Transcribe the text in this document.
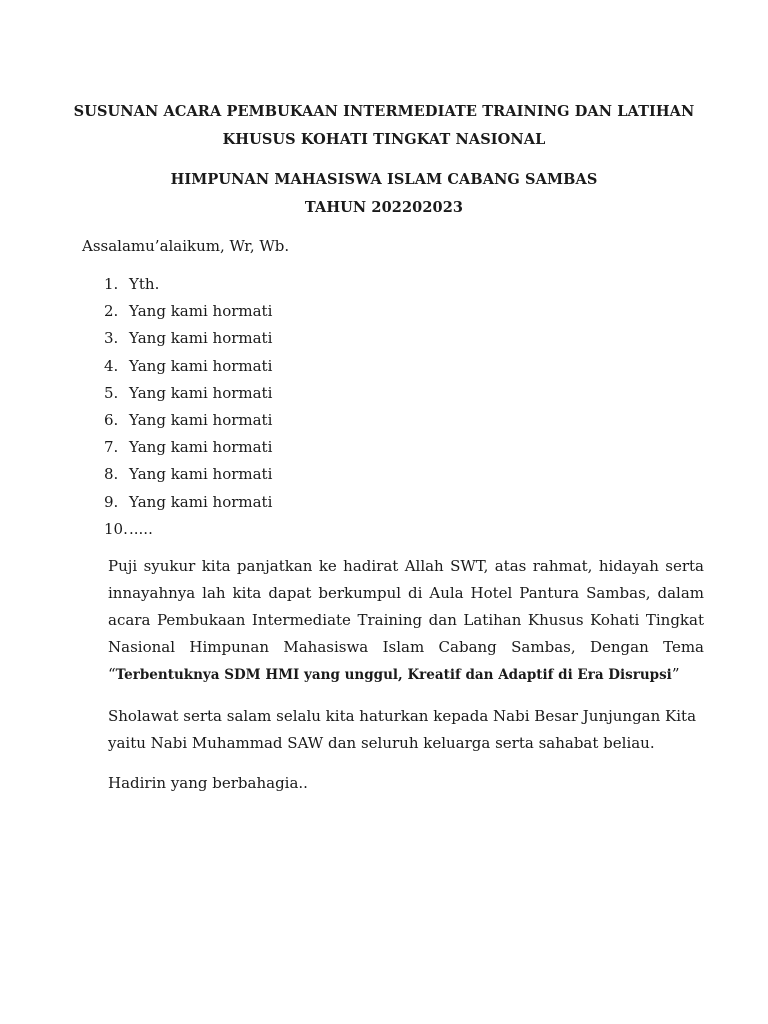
SUSUNAN ACARA PEMBUKAAN INTERMEDIATE TRAINING DAN LATIHAN
KHUSUS KOHATI TINGKAT NASIONAL
HIMPUNAN MAHASISWA ISLAM CABANG SAMBAS
TAHUN 202202023
Assalamu’alaikum, Wr, Wb.
1. Yth.
2. Yang kami hormati
3. Yang kami hormati
4. Yang kami hormati
5. Yang kami hormati
6. Yang kami hormati
7. Yang kami hormati
8. Yang kami hormati
9. Yang kami hormati
10......

Puji syukur kita panjatkan ke hadirat Allah SWT, atas rahmat, hidayah serta innayahnya lah kita dapat berkumpul di Aula Hotel Pantura Sambas, dalam acara Pembukaan Intermediate Training dan Latihan Khusus Kohati Tingkat Nasional Himpunan Mahasiswa Islam Cabang Sambas, Dengan Tema “Terbentuknya SDM HMI yang unggul, Kreatif dan Adaptif di Era Disrupsi”

Sholawat serta salam selalu kita haturkan kepada Nabi Besar Junjungan Kita yaitu Nabi Muhammad SAW dan seluruh keluarga serta sahabat beliau.

Hadirin yang berbahagia..
